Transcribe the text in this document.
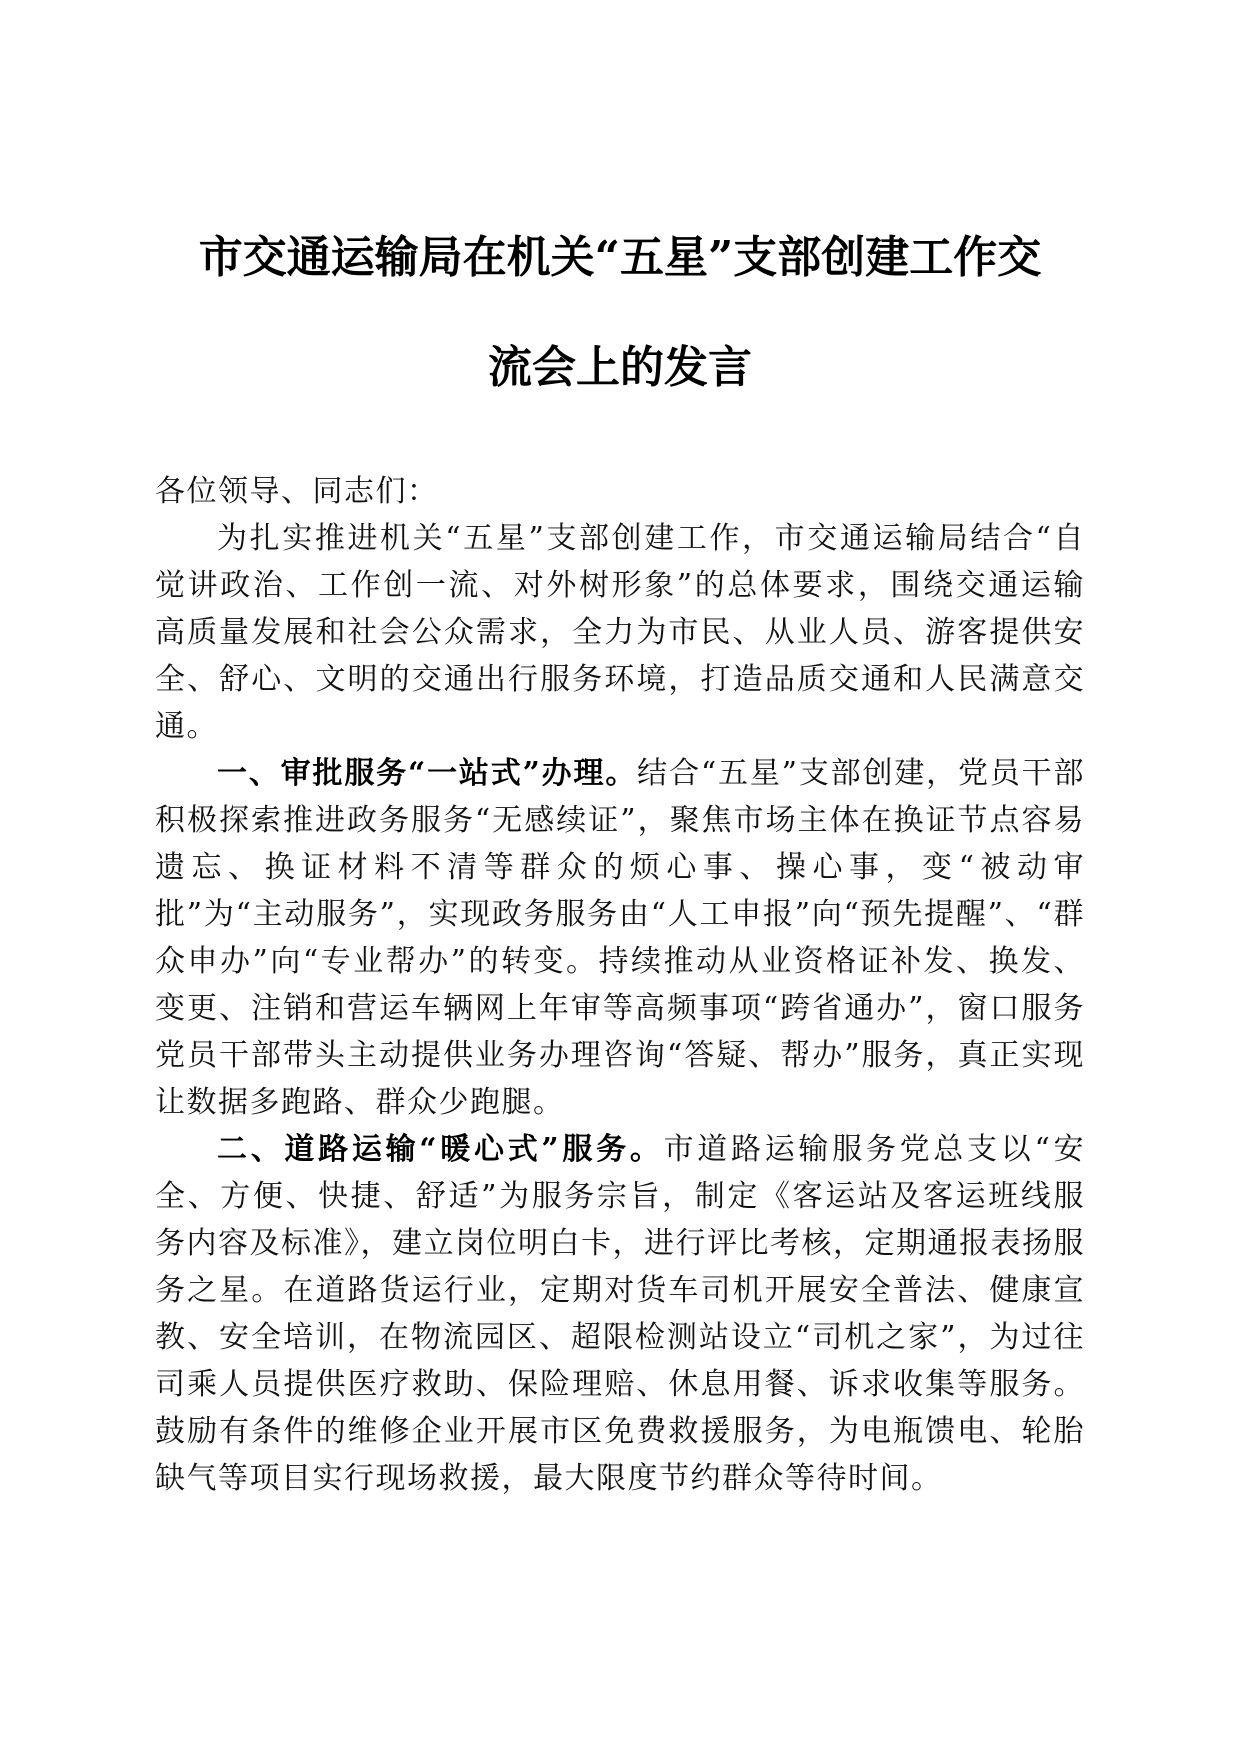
市交通运输局在机关“五星”支部创建工作交
流会上的发言

各位领导、同志们：

为扎实推进机关“五星”支部创建工作，市交通运输局结合“自觉讲政治、工作创一流、对外树形象”的总体要求，围绕交通运输高质量发展和社会公众需求，全力为市民、从业人员、游客提供安全、舒心、文明的交通出行服务环境，打造品质交通和人民满意交通。

一、审批服务“一站式”办理。结合“五星”支部创建，党员干部积极探索推进政务服务“无感续证”，聚焦市场主体在换证节点容易遗忘、换证材料不清等群众的烦心事、操心事，变“被动审批”为“主动服务”，实现政务服务由“人工申报”向“预先提醒”、“群众申办”向“专业帮办”的转变。持续推动从业资格证补发、换发、变更、注销和营运车辆网上年审等高频事项“跨省通办”，窗口服务党员干部带头主动提供业务办理咨询“答疑、帮办”服务，真正实现让数据多跑路、群众少跑腿。

二、道路运输“暖心式”服务。市道路运输服务党总支以“安全、方便、快捷、舒适”为服务宗旨，制定《客运站及客运班线服务内容及标准》，建立岗位明白卡，进行评比考核，定期通报表扬服务之星。在道路货运行业，定期对货车司机开展安全普法、健康宣教、安全培训，在物流园区、超限检测站设立“司机之家”，为过往司乘人员提供医疗救助、保险理赔、休息用餐、诉求收集等服务。鼓励有条件的维修企业开展市区免费救援服务，为电瓶馈电、轮胎缺气等项目实行现场救援，最大限度节约群众等待时间。
